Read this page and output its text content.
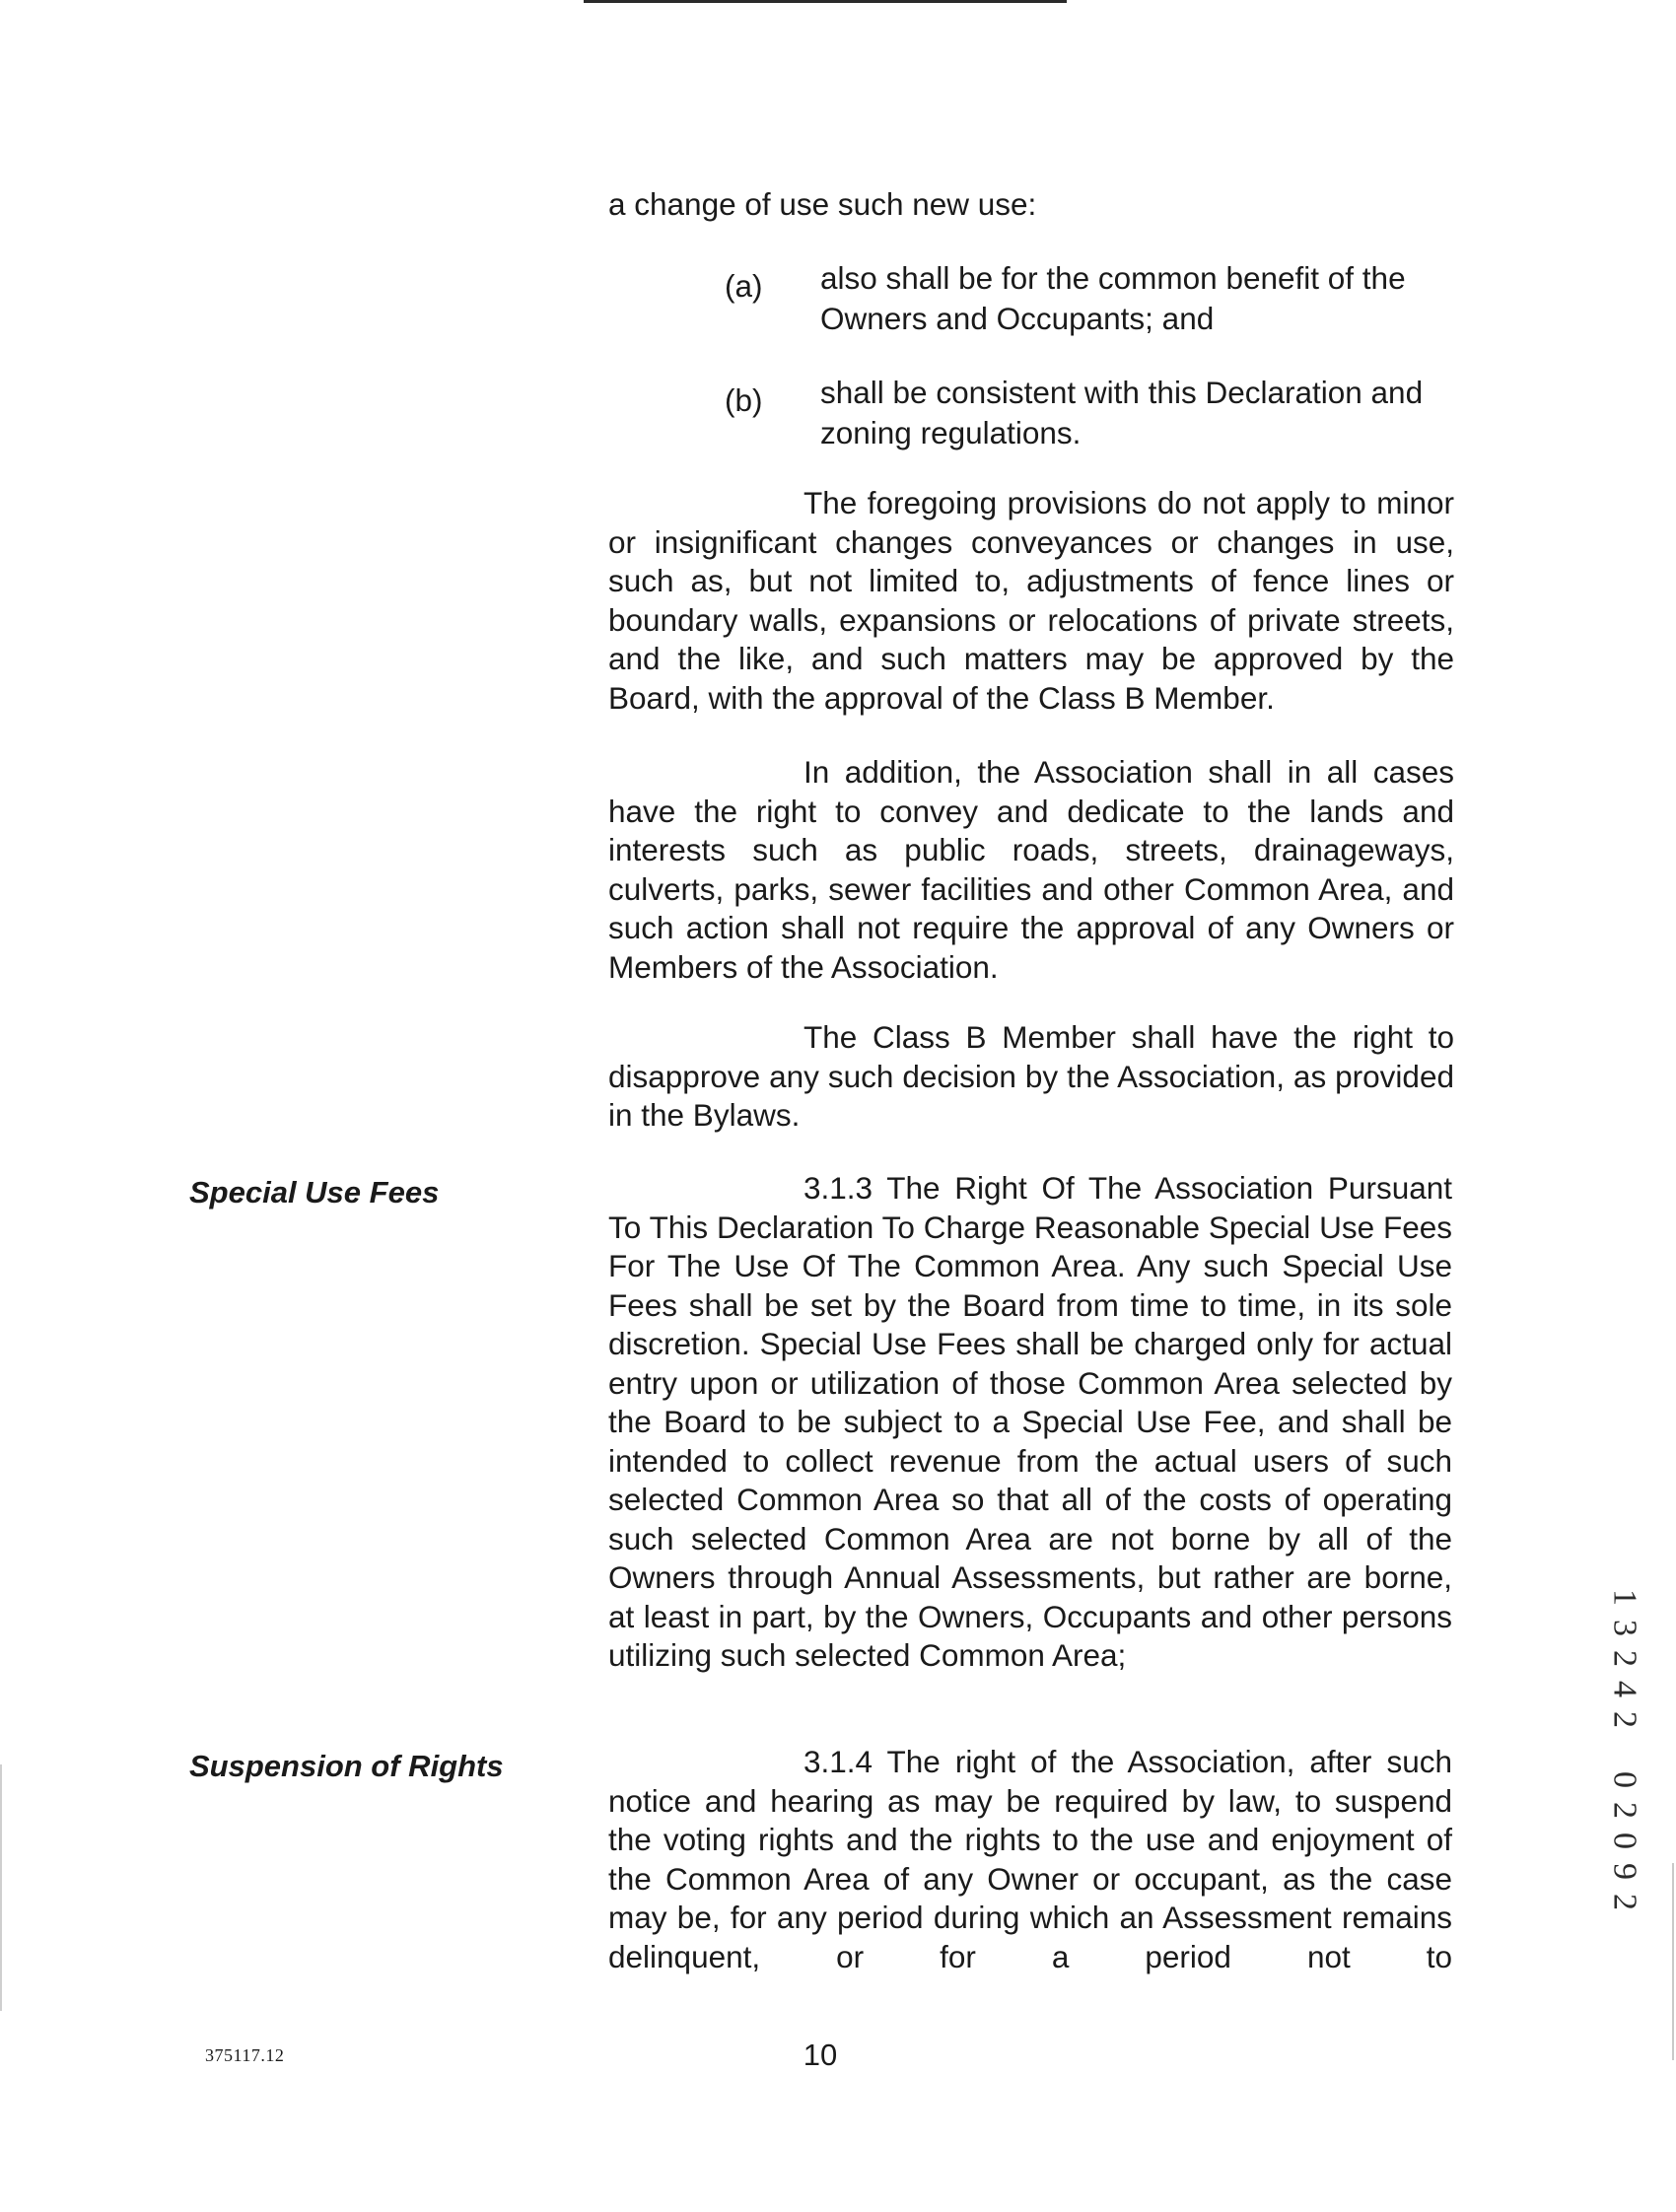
a change of use such new use:

(a)	also shall be for the common benefit of the Owners and Occupants; and
(b)	shall be consistent with this Declaration and zoning regulations.

The foregoing provisions do not apply to minor or insignificant changes conveyances or changes in use, such as, but not limited to, adjustments of fence lines or boundary walls, expansions or relocations of private streets, and the like, and such matters may be approved by the Board, with the approval of the Class B Member.

In addition, the Association shall in all cases have the right to convey and dedicate to the lands and interests such as public roads, streets, drainageways, culverts, parks, sewer facilities and other Common Area, and such action shall not require the approval of any Owners or Members of the Association.

The Class B Member shall have the right to disapprove any such decision by the Association, as provided in the Bylaws.

Special Use Fees	3.1.3 The Right Of The Association Pursuant To This Declaration To Charge Reasonable Special Use Fees For The Use Of The Common Area. Any such Special Use Fees shall be set by the Board from time to time, in its sole discretion. Special Use Fees shall be charged only for actual entry upon or utilization of those Common Area selected by the Board to be subject to a Special Use Fee, and shall be intended to collect revenue from the actual users of such selected Common Area so that all of the costs of operating such selected Common Area are not borne by all of the Owners through Annual Assessments, but rather are borne, at least in part, by the Owners, Occupants and other persons utilizing such selected Common Area;

Suspension of Rights	3.1.4 The right of the Association, after such notice and hearing as may be required by law, to suspend the voting rights and the rights to the use and enjoyment of the Common Area of any Owner or occupant, as the case may be, for any period during which an Assessment remains delinquent, or for a period not to

375117.12	10
1
3
2
4
2
0
2
0
9
2
